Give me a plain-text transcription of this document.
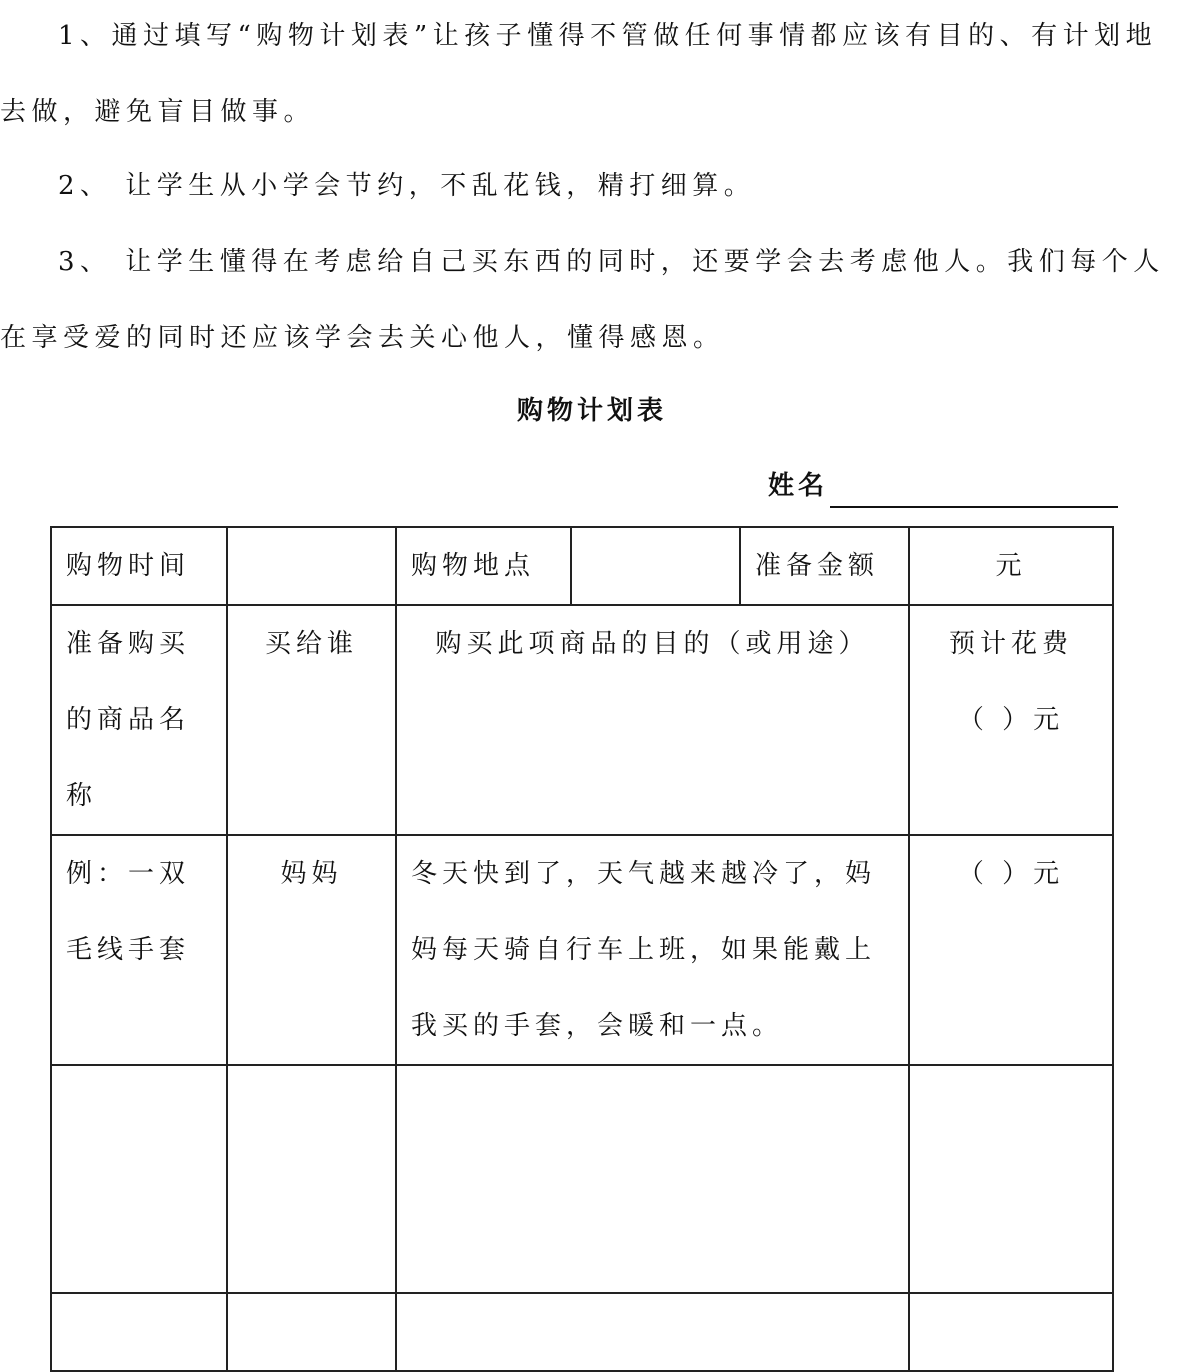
1、通过填写“购物计划表”让孩子懂得不管做任何事情都应该有目的、有计划地去做，避免盲目做事。

2、 让学生从小学会节约，不乱花钱，精打细算。

3、 让学生懂得在考虑给自己买东西的同时，还要学会去考虑他人。我们每个人在享受爱的同时还应该学会去关心他人，懂得感恩。

购物计划表
姓名
购物时间		购物地点		准备金额	元
准备购买的商品名称	买给谁	购买此项商品的目的（或用途）			预计花费
（ ）元

例：一双毛线手套	妈妈	冬天快到了，天气越来越冷了，妈妈每天骑自行车上班，如果能戴上我买的手套，会暖和一点。			（ ）元
